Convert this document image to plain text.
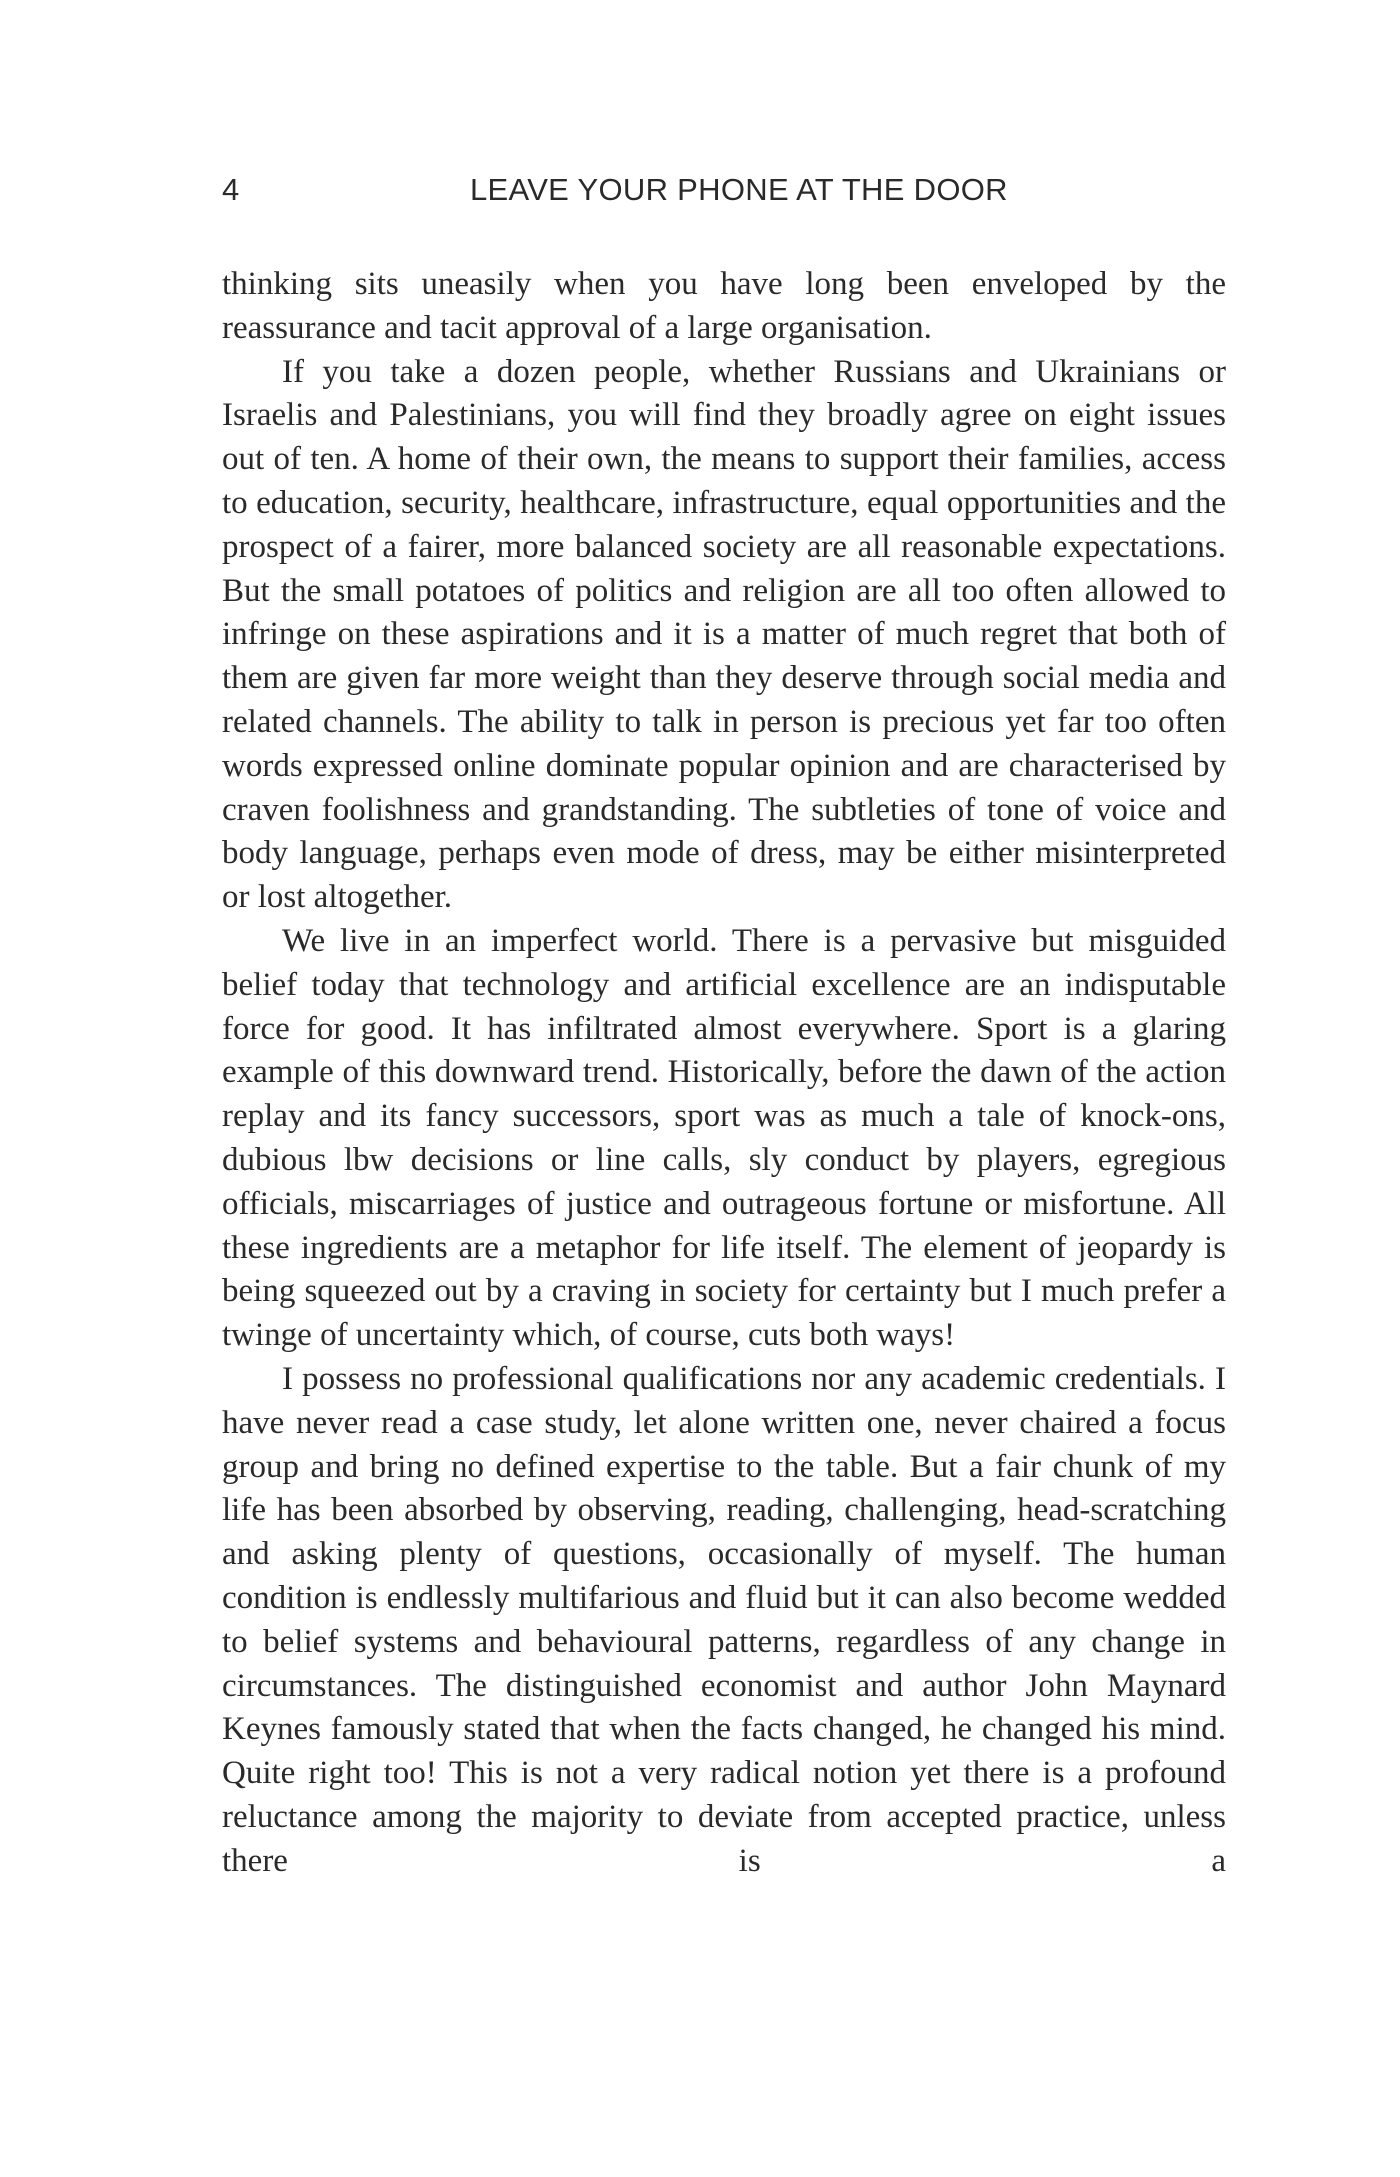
4	LEAVE YOUR PHONE AT THE DOOR

thinking sits uneasily when you have long been enveloped by the reassurance and tacit approval of a large organisation.

If you take a dozen people, whether Russians and Ukrainians or Israelis and Palestinians, you will find they broadly agree on eight issues out of ten. A home of their own, the means to support their families, access to education, security, healthcare, infrastructure, equal opportunities and the prospect of a fairer, more balanced society are all reasonable expectations. But the small potatoes of politics and religion are all too often allowed to infringe on these aspirations and it is a matter of much regret that both of them are given far more weight than they deserve through social media and related channels. The ability to talk in person is precious yet far too often words expressed online dominate popular opinion and are characterised by craven foolishness and grandstanding. The subtleties of tone of voice and body language, perhaps even mode of dress, may be either misinterpreted or lost altogether.

We live in an imperfect world. There is a pervasive but misguided belief today that technology and artificial excellence are an indisputable force for good. It has infiltrated almost everywhere. Sport is a glaring example of this downward trend. Historically, before the dawn of the action replay and its fancy successors, sport was as much a tale of knock-ons, dubious lbw decisions or line calls, sly conduct by players, egregious officials, miscarriages of justice and outrageous fortune or misfortune. All these ingredients are a metaphor for life itself. The element of jeopardy is being squeezed out by a craving in society for certainty but I much prefer a twinge of uncertainty which, of course, cuts both ways!

I possess no professional qualifications nor any academic credentials. I have never read a case study, let alone written one, never chaired a focus group and bring no defined expertise to the table. But a fair chunk of my life has been absorbed by observing, reading, challenging, head-scratching and asking plenty of questions, occasionally of myself. The human condition is endlessly multifarious and fluid but it can also become wedded to belief systems and behavioural patterns, regardless of any change in circumstances. The distinguished economist and author John Maynard Keynes famously stated that when the facts changed, he changed his mind. Quite right too! This is not a very radical notion yet there is a profound reluctance among the majority to deviate from accepted practice, unless there is a
